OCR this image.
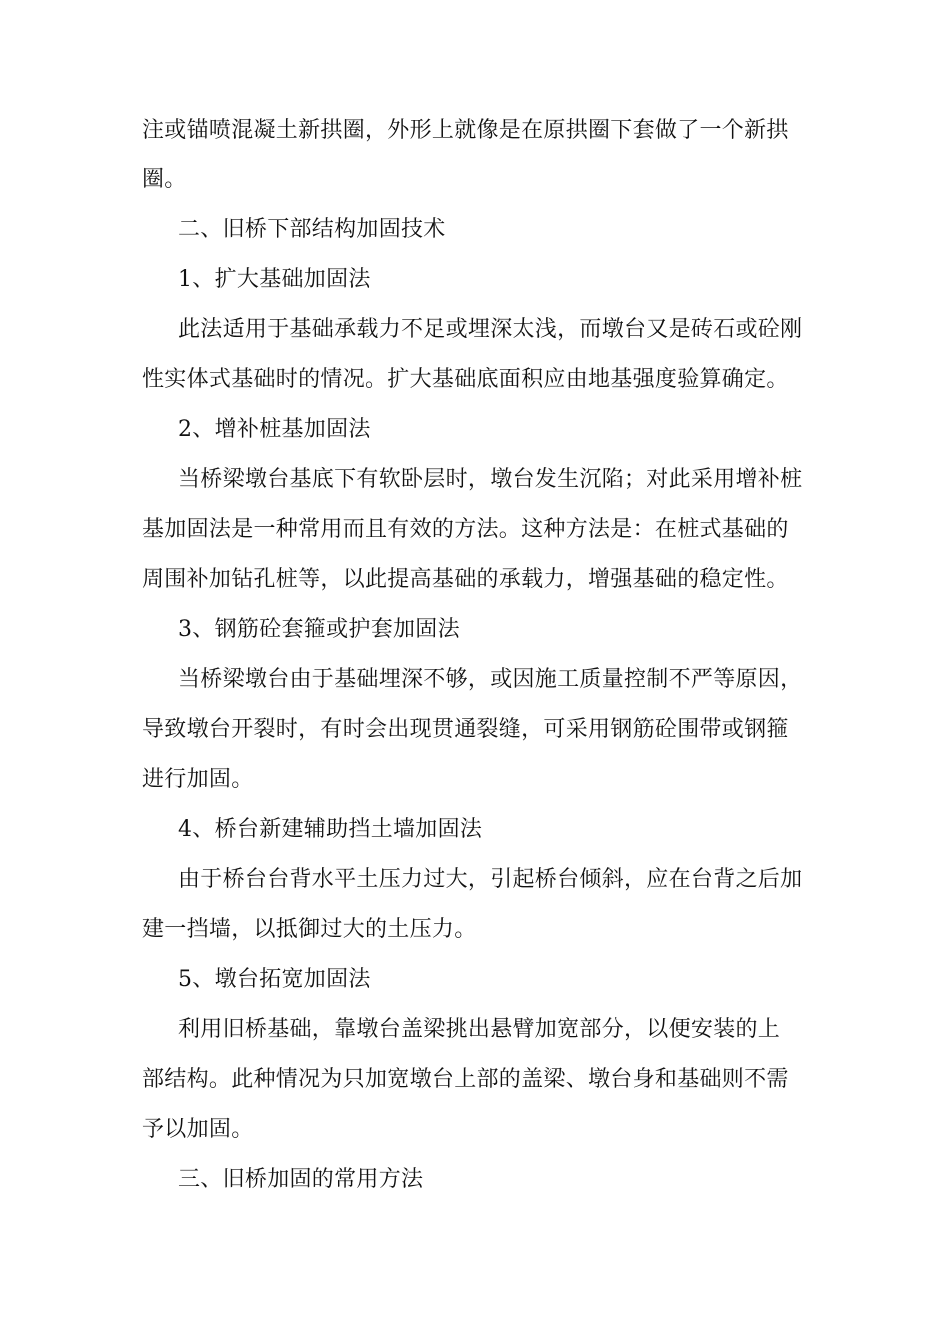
注或锚喷混凝土新拱圈，外形上就像是在原拱圈下套做了一个新拱
圈。
二、旧桥下部结构加固技术
1、扩大基础加固法
此法适用于基础承载力不足或埋深太浅，而墩台又是砖石或砼刚
性实体式基础时的情况。扩大基础底面积应由地基强度验算确定。
2、增补桩基加固法
当桥梁墩台基底下有软卧层时，墩台发生沉陷；对此采用增补桩
基加固法是一种常用而且有效的方法。这种方法是：在桩式基础的
周围补加钻孔桩等，以此提高基础的承载力，增强基础的稳定性。
3、钢筋砼套箍或护套加固法
当桥梁墩台由于基础埋深不够，或因施工质量控制不严等原因，
导致墩台开裂时，有时会出现贯通裂缝，可采用钢筋砼围带或钢箍
进行加固。
4、桥台新建辅助挡土墙加固法
由于桥台台背水平土压力过大，引起桥台倾斜，应在台背之后加
建一挡墙，以抵御过大的土压力。
5、墩台拓宽加固法
利用旧桥基础，靠墩台盖梁挑出悬臂加宽部分，以便安装的上
部结构。此种情况为只加宽墩台上部的盖梁、墩台身和基础则不需
予以加固。
三、旧桥加固的常用方法
